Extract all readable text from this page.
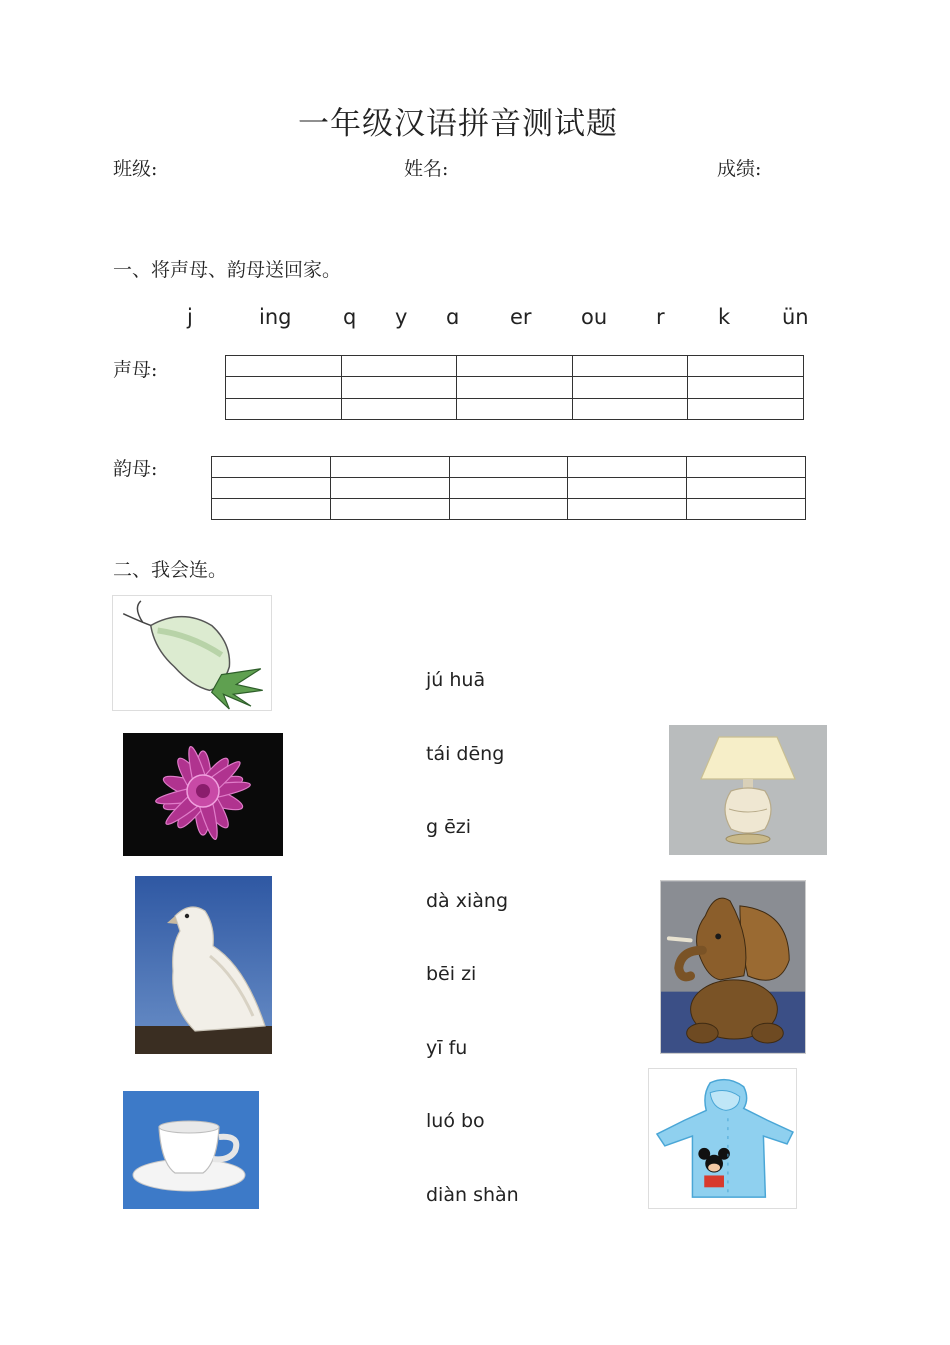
一年级汉语拼音测试题
班级:	姓名:	成绩:
一、将声母、韵母送回家。
j	ing q y ɑ er ou r	k ün
声母:

韵母:

二、我会连。
jú huā
tái dēng
g ēzi
dà xiàng
bēi zi
yī fu
luó bo
diàn shàn
